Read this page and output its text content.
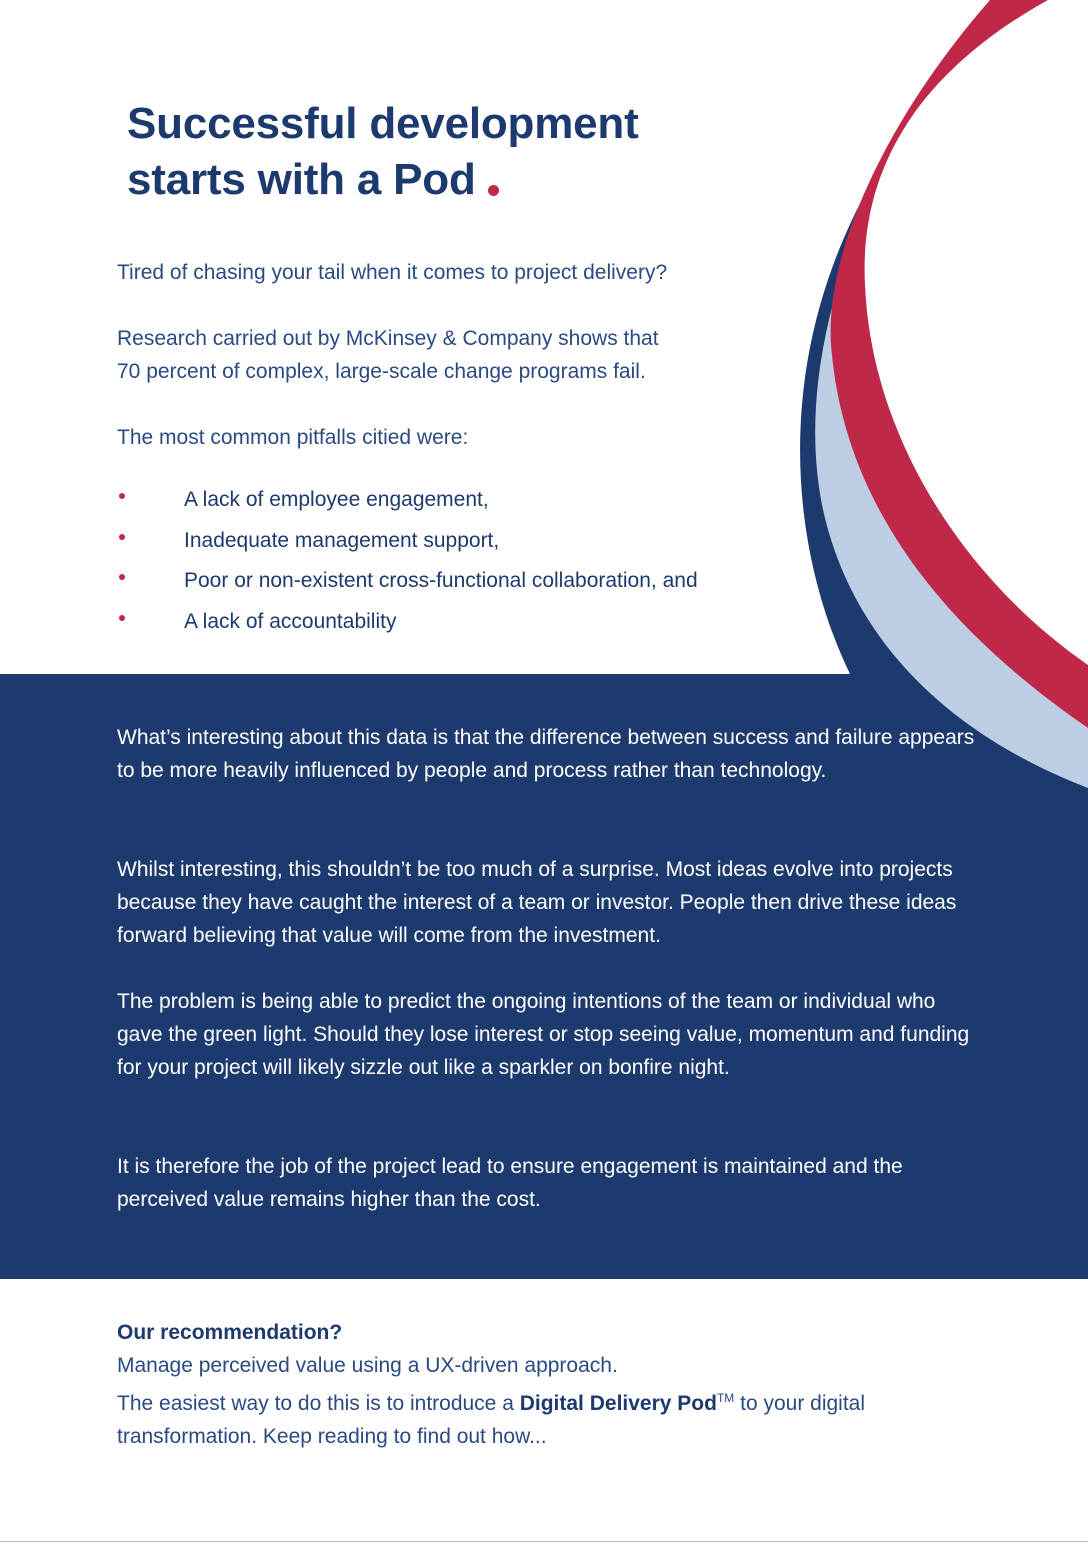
Successful development
starts with a Pod

Tired of chasing your tail when it comes to project delivery?

Research carried out by McKinsey & Company shows that

70 percent of complex, large-scale change programs fail.

The most common pitfalls citied were:

A lack of employee engagement,
Inadequate management support,
Poor or non-existent cross-functional collaboration, and
A lack of accountability

What’s interesting about this data is that the difference between success and failure appears to be more heavily influenced by people and process rather than technology.

Whilst interesting, this shouldn’t be too much of a surprise. Most ideas evolve into projects because they have caught the interest of a team or investor. People then drive these ideas forward believing that value will come from the investment.

The problem is being able to predict the ongoing intentions of the team or individual who gave the green light. Should they lose interest or stop seeing value, momentum and funding for your project will likely sizzle out like a sparkler on bonfire night.

It is therefore the job of the project lead to ensure engagement is maintained and the perceived value remains higher than the cost.

Our recommendation?
Manage perceived value using a UX-driven approach.
The easiest way to do this is to introduce a Digital Delivery Pod™ to your digital transformation. Keep reading to find out how...
